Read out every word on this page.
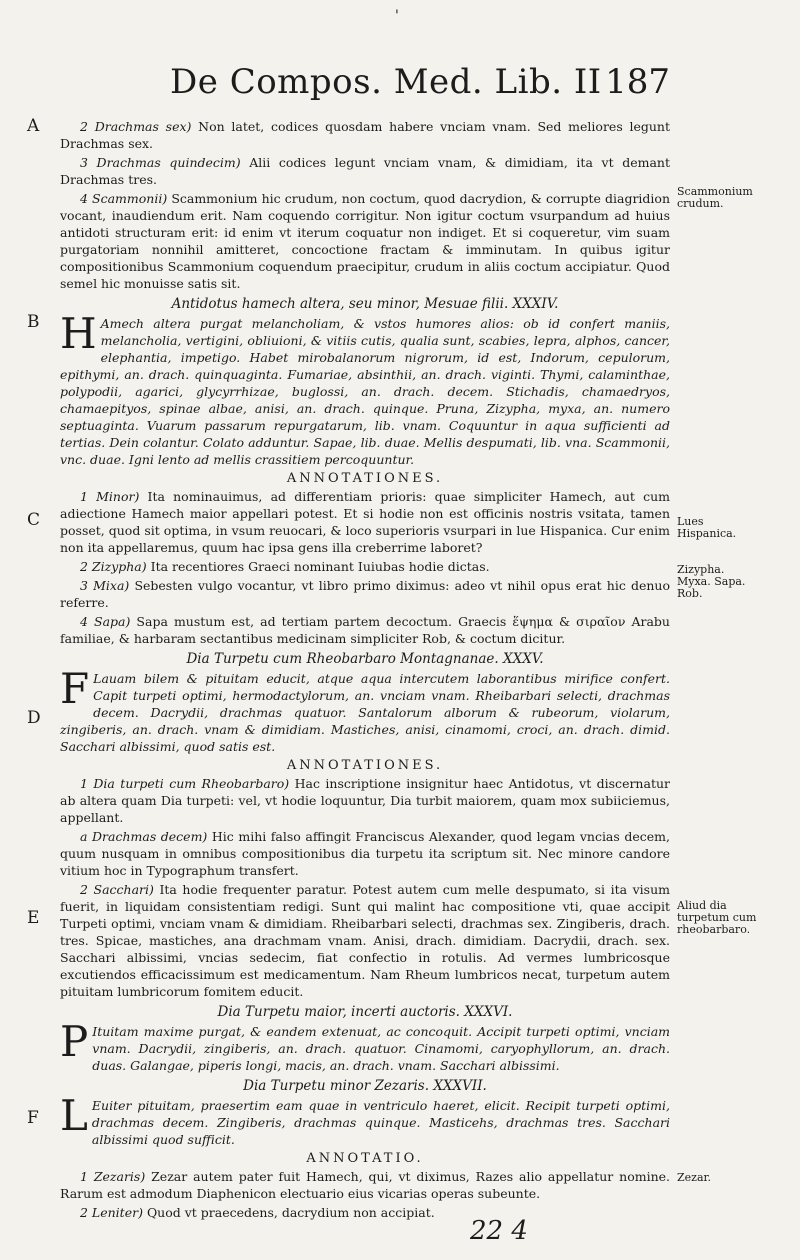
'
De Compos. Med. Lib. II 187
A
B
C
D
E
F
Scammonium crudum.
Lues Hispanica.
Zizypha. Myxa. Sapa. Rob.
Aliud dia turpetum cum rheobarbaro.
Zezar.

2 Drachmas sex) Non latet, codices quosdam habere vnciam vnam. Sed meliores legunt Drachmas sex.

3 Drachmas quindecim) Alii codices legunt vnciam vnam, & dimidiam, ita vt demant Drachmas tres.

4 Scammonii) Scammonium hic crudum, non coctum, quod dacrydion, & corrupte diagridion vocant, inaudiendum erit. Nam coquendo corrigitur. Non igitur coctum vsurpandum ad huius antidoti structuram erit: id enim vt iterum coquatur non indiget. Et si coqueretur, vim suam purgatoriam nonnihil amitteret, concoctione fractam & imminutam. In quibus igitur compositionibus Scammonium coquendum praecipitur, crudum in aliis coctum accipiatur. Quod semel hic monuisse satis sit.

Antidotus hamech altera, seu minor, Mesuae filii. XXXIV.

H Amech altera purgat melancholiam, & vstos humores alios: ob id confert maniis, melancholia, vertigini, obliuioni, & vitiis cutis, qualia sunt, scabies, lepra, alphos, cancer, elephantia, impetigo. Habet mirobalanorum nigrorum, id est, Indorum, cepulorum, epithymi, an. drach. quinquaginta. Fumariae, absinthii, an. drach. viginti. Thymi, calaminthae, polypodii, agarici, glycyrrhizae, buglossi, an. drach. decem. Stichadis, chamaedryos, chamaepityos, spinae albae, anisi, an. drach. quinque. Pruna, Zizypha, myxa, an. numero septuaginta. Vuarum passarum repurgatarum, lib. vnam. Coquuntur in aqua sufficienti ad tertias. Dein colantur. Colato adduntur. Sapae, lib. duae. Mellis despumati, lib. vna. Scammonii, vnc. duae. Igni lento ad mellis crassitiem percoquuntur.

ANNOTATIONES.

1 Minor) Ita nominauimus, ad differentiam prioris: quae simpliciter Hamech, aut cum adiectione Hamech maior appellari potest. Et si hodie non est officinis nostris vsitata, tamen posset, quod sit optima, in vsum reuocari, & loco superioris vsurpari in lue Hispanica. Cur enim non ita appellaremus, quum hac ipsa gens illa creberrime laboret?

2 Zizypha) Ita recentiores Graeci nominant Iuiubas hodie dictas.

3 Mixa) Sebesten vulgo vocantur, vt libro primo diximus: adeo vt nihil opus erat hic denuo referre.

4 Sapa) Sapa mustum est, ad tertiam partem decoctum. Graecis ἕψημα & σιραῖον Arabu familiae, & harbaram sectantibus medicinam simpliciter Rob, & coctum dicitur.

Dia Turpetu cum Rheobarbaro Montagnanae. XXXV.

F Lauam bilem & pituitam educit, atque aqua intercutem laborantibus mirifice confert. Capit turpeti optimi, hermodactylorum, an. vnciam vnam. Rheibarbari selecti, drachmas decem. Dacrydii, drachmas quatuor. Santalorum alborum & rubeorum, violarum, zingiberis, an. drach. vnam & dimidiam. Mastiches, anisi, cinamomi, croci, an. drach. dimid. Sacchari albissimi, quod satis est.

ANNOTATIONES.

1 Dia turpeti cum Rheobarbaro) Hac inscriptione insignitur haec Antidotus, vt discernatur ab altera quam Dia turpeti: vel, vt hodie loquuntur, Dia turbit maiorem, quam mox subiiciemus, appellant.

a Drachmas decem) Hic mihi falso affingit Franciscus Alexander, quod legam vncias decem, quum nusquam in omnibus compositionibus dia turpetu ita scriptum sit. Nec minore candore vitium hoc in Typographum transfert.

2 Sacchari) Ita hodie frequenter paratur. Potest autem cum melle despumato, si ita visum fuerit, in liquidam consistentiam redigi. Sunt qui malint hac compositione vti, quae accipit Turpeti optimi, vnciam vnam & dimidiam. Rheibarbari selecti, drachmas sex. Zingiberis, drach. tres. Spicae, mastiches, ana drachmam vnam. Anisi, drach. dimidiam. Dacrydii, drach. sex. Sacchari albissimi, vncias sedecim, fiat confectio in rotulis. Ad vermes lumbricosque excutiendos efficacissimum est medicamentum. Nam Rheum lumbricos necat, turpetum autem pituitam lumbricorum fomitem educit.

Dia Turpetu maior, incerti auctoris. XXXVI.

P Ituitam maxime purgat, & eandem extenuat, ac concoquit. Accipit turpeti optimi, vnciam vnam. Dacrydii, zingiberis, an. drach. quatuor. Cinamomi, caryophyllorum, an. drach. duas. Galangae, piperis longi, macis, an. drach. vnam. Sacchari albissimi.

Dia Turpetu minor Zezaris. XXXVII.

L Euiter pituitam, praesertim eam quae in ventriculo haeret, elicit. Recipit turpeti optimi, drachmas decem. Zingiberis, drachmas quinque. Masticehs, drachmas tres. Sacchari albissimi quod sufficit.

ANNOTATIO.

1 Zezaris) Zezar autem pater fuit Hamech, qui, vt diximus, Razes alio appellatur nomine. Rarum est admodum Diaphenicon electuario eius vicarias operas subeunte.

2 Leniter) Quod vt praecedens, dacrydium non accipiat.

22 4
